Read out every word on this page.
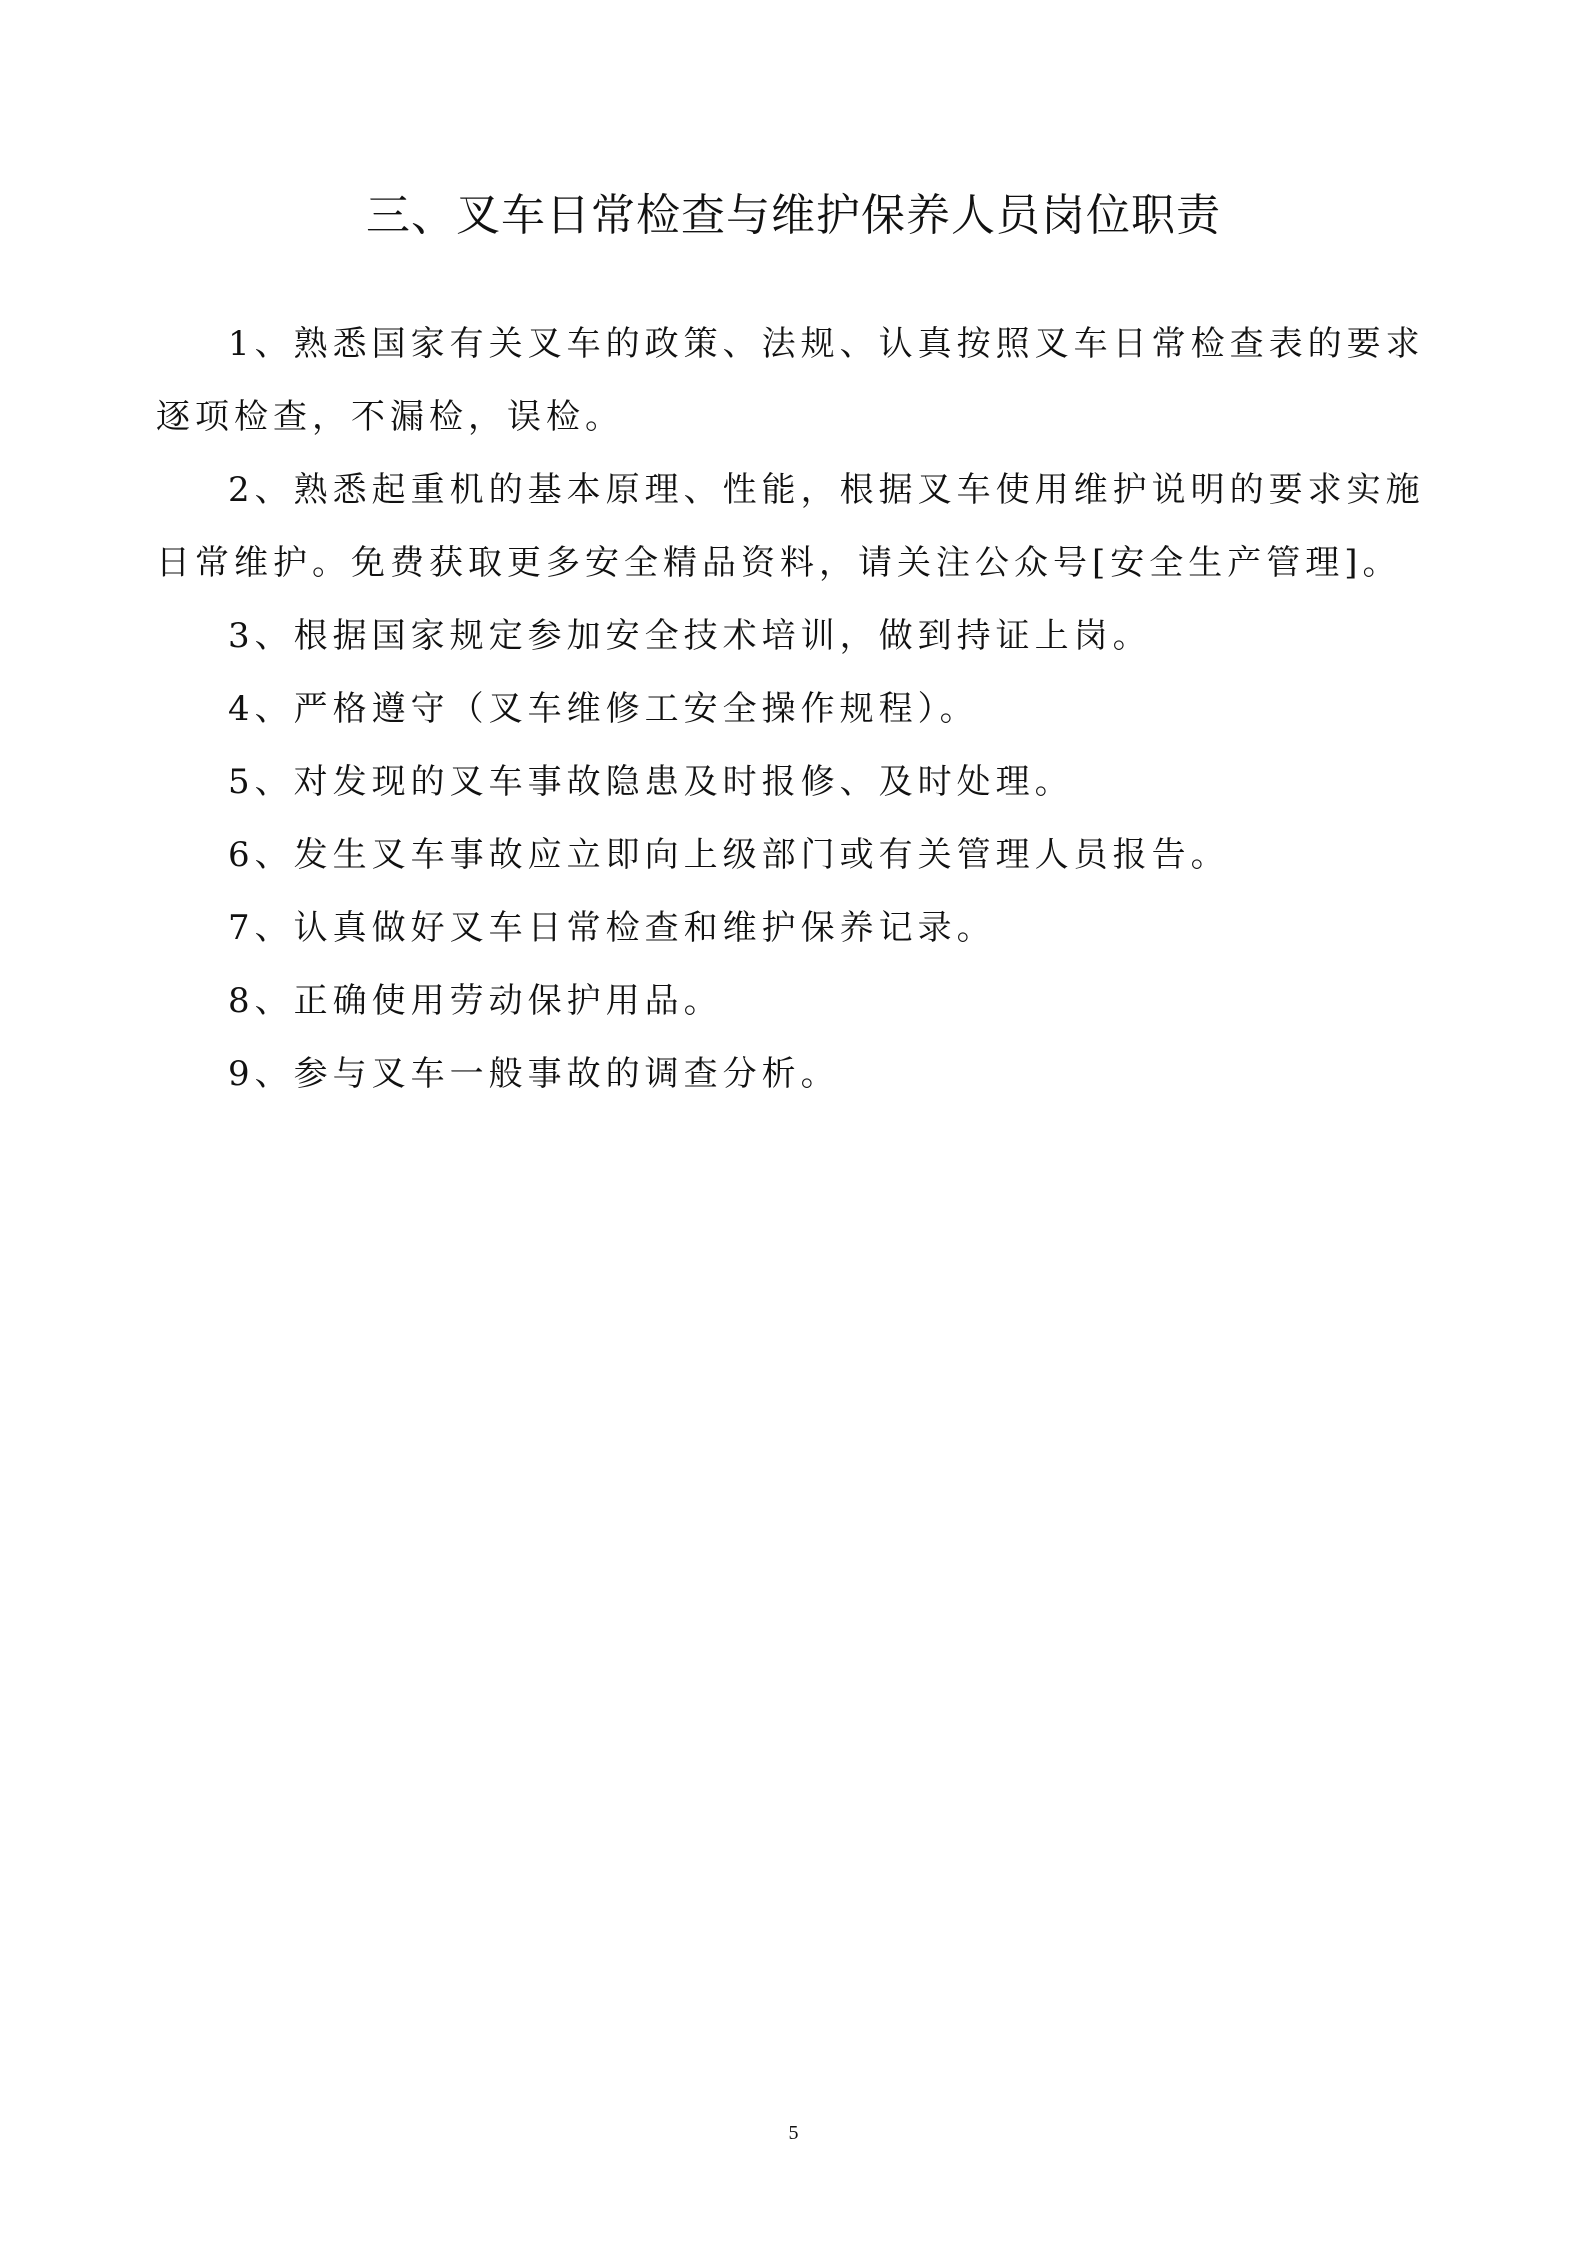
三、叉车日常检查与维护保养人员岗位职责

1、熟悉国家有关叉车的政策、法规、认真按照叉车日常检查表的要求逐项检查，不漏检，误检。

2、熟悉起重机的基本原理、性能，根据叉车使用维护说明的要求实施日常维护。免费获取更多安全精品资料，请关注公众号[安全生产管理]。

3、根据国家规定参加安全技术培训，做到持证上岗。

4、严格遵守（叉车维修工安全操作规程）。

5、对发现的叉车事故隐患及时报修、及时处理。

6、发生叉车事故应立即向上级部门或有关管理人员报告。

7、认真做好叉车日常检查和维护保养记录。

8、正确使用劳动保护用品。

9、参与叉车一般事故的调查分析。

5
